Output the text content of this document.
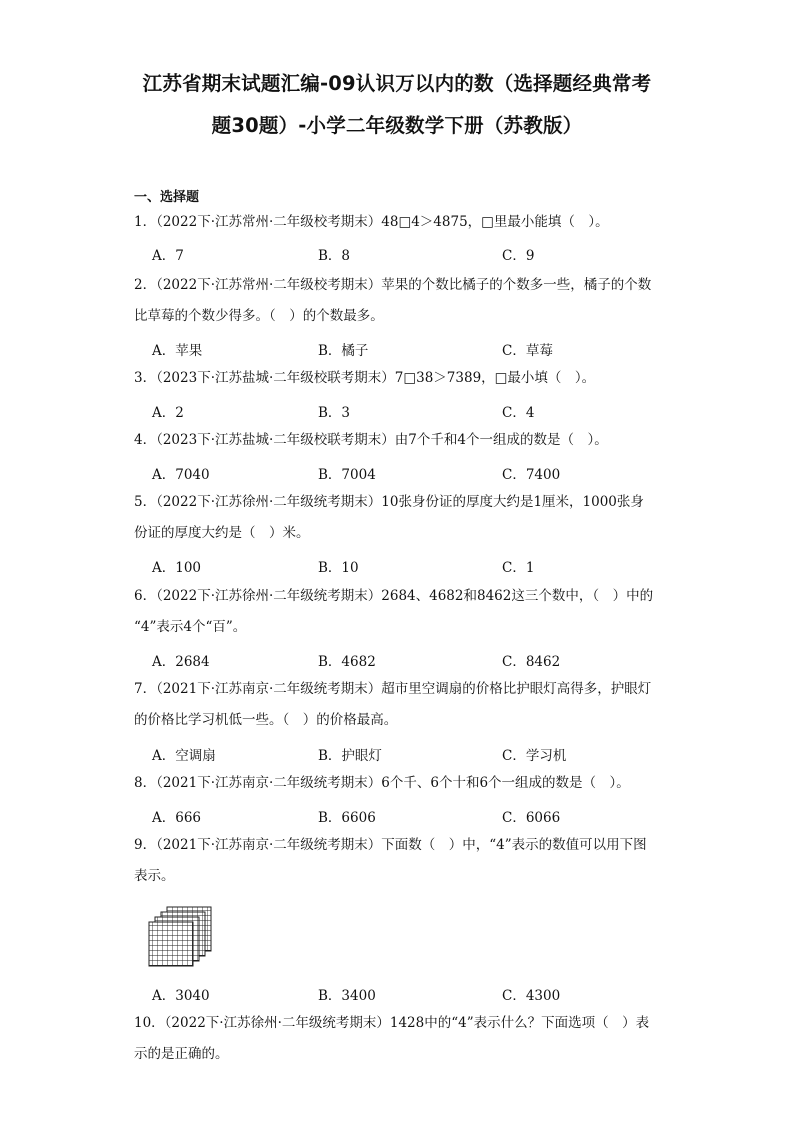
江苏省期末试题汇编-09认识万以内的数（选择题经典常考
题30题）-小学二年级数学下册（苏教版）
一、选择题
1．（2022下·江苏常州·二年级校考期末）48□4＞4875，□里最小能填（　）。
A．7	B．8	C．9
2．（2022下·江苏常州·二年级校考期末）苹果的个数比橘子的个数多一些，橘子的个数
比草莓的个数少得多。（　）的个数最多。
A．苹果	B．橘子	C．草莓
3．（2023下·江苏盐城·二年级校联考期末）7□38＞7389，□最小填（　）。
A．2	B．3	C．4
4．（2023下·江苏盐城·二年级校联考期末）由7个千和4个一组成的数是（　）。
A．7040	B．7004	C．7400
5．（2022下·江苏徐州·二年级统考期末）10张身份证的厚度大约是1厘米，1000张身
份证的厚度大约是（　）米。
A．100	B．10	C．1
6．（2022下·江苏徐州·二年级统考期末）2684、4682和8462这三个数中，（　）中的
“4”表示4个“百”。
A．2684	B．4682	C．8462
7．（2021下·江苏南京·二年级统考期末）超市里空调扇的价格比护眼灯高得多，护眼灯
的价格比学习机低一些。（　）的价格最高。
A．空调扇	B．护眼灯	C．学习机
8．（2021下·江苏南京·二年级统考期末）6个千、6个十和6个一组成的数是（　）。
A．666	B．6606	C．6066
9．（2021下·江苏南京·二年级统考期末）下面数（　）中，“4”表示的数值可以用下图
表示。
A．3040	B．3400	C．4300
10．（2022下·江苏徐州·二年级统考期末）1428中的“4”表示什么？下面选项（　）表
示的是正确的。
